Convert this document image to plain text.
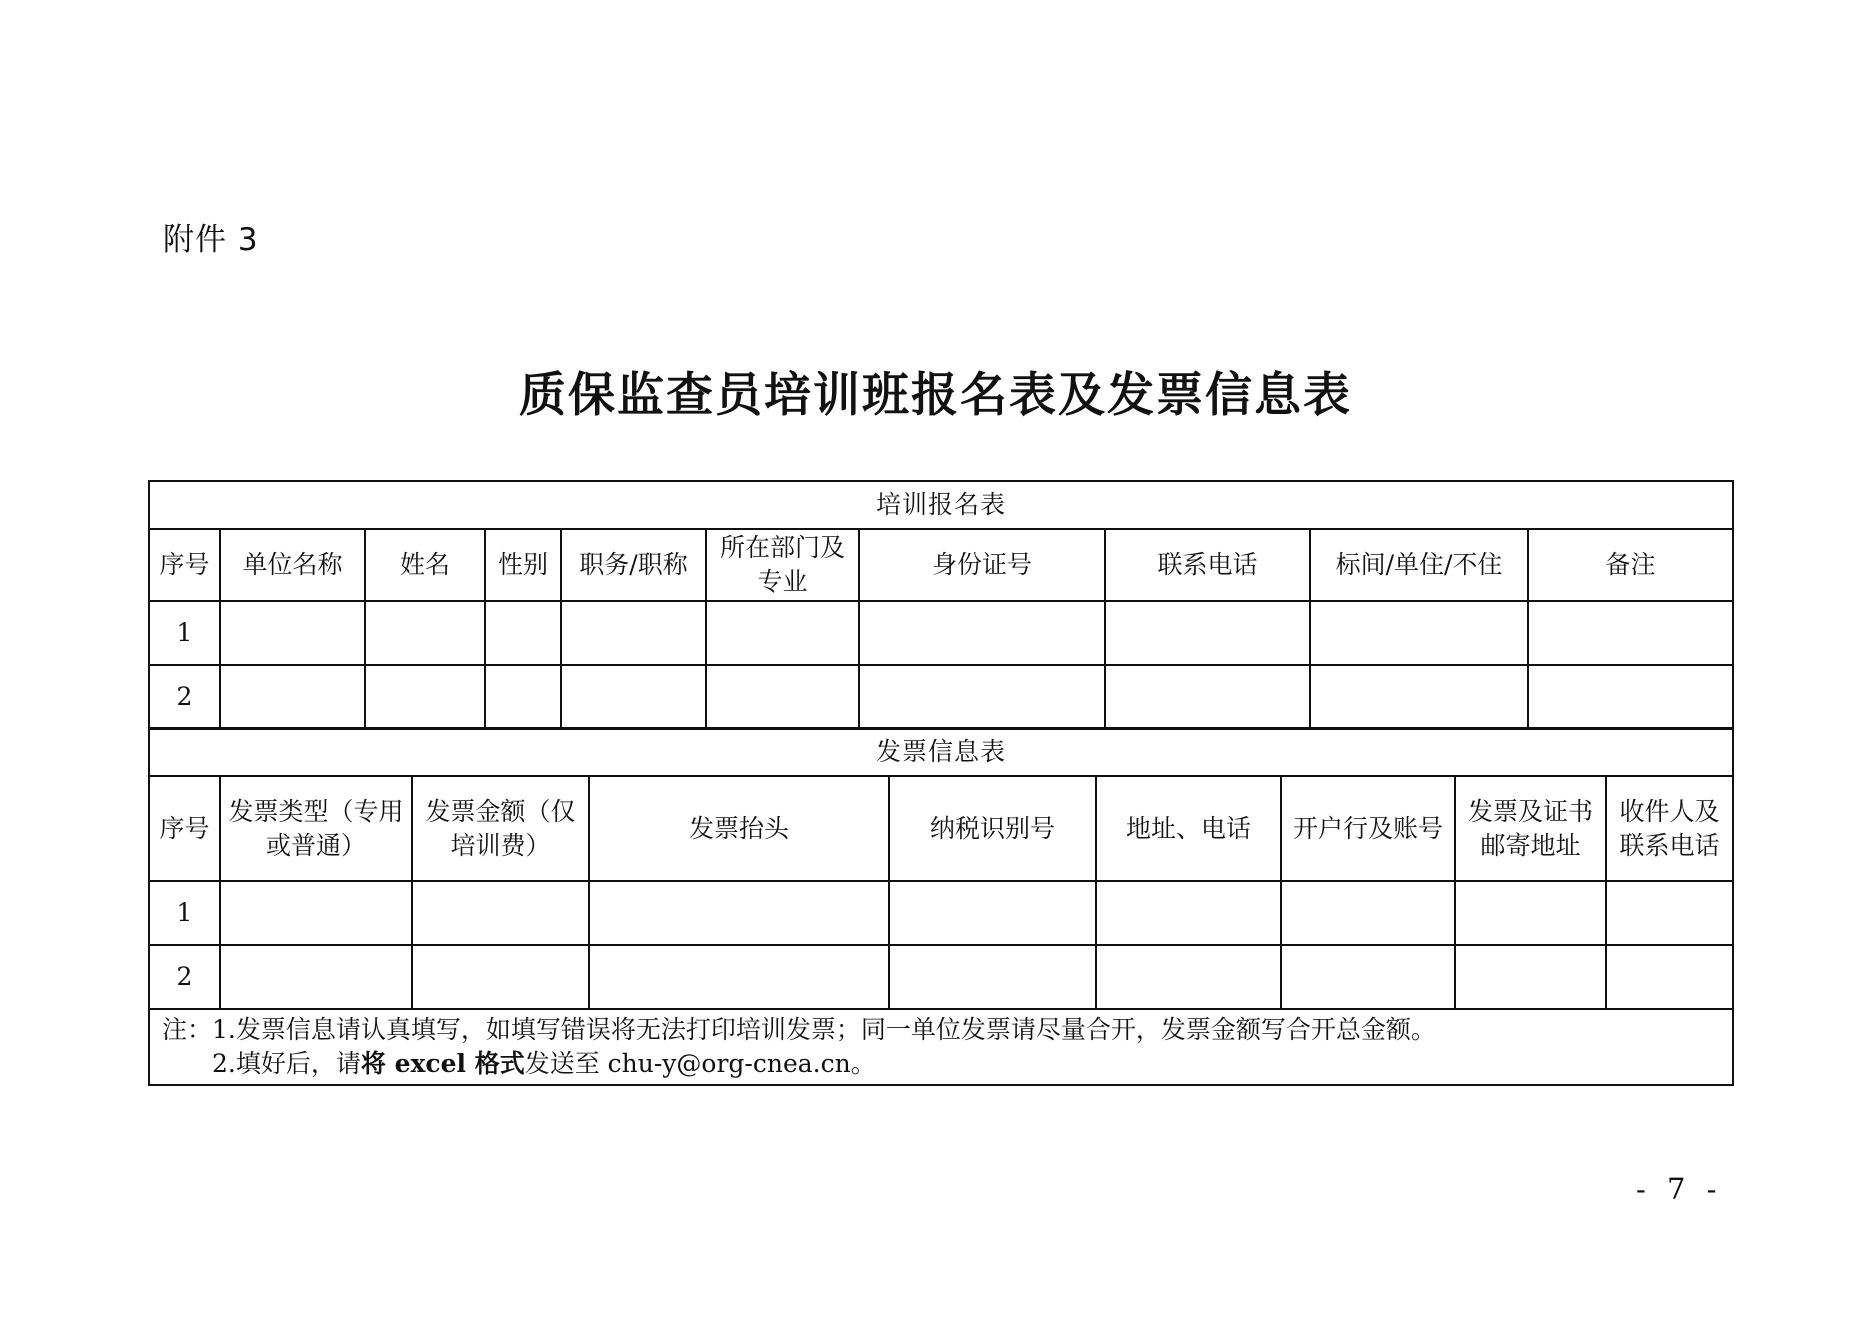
附件 3
质保监查员培训班报名表及发票信息表
培训报名表									
序号	单位名称	姓名	性别	职务/职称	所在部门及专业	身份证号	联系电话	标间/单住/不住	备注
1									
2									
发票信息表								
序号	发票类型（专用或普通）	发票金额（仅培训费）	发票抬头	纳税识别号	地址、电话	开户行及账号	发票及证书邮寄地址	收件人及联系电话
1								
2								

注：1.发票信息请认真填写，如填写错误将无法打印培训发票；同一单位发票请尽量合开，发票金额写合开总金额。
2.填好后，请将 excel 格式发送至 chu-y@org-cnea.cn。								
- 7 -
